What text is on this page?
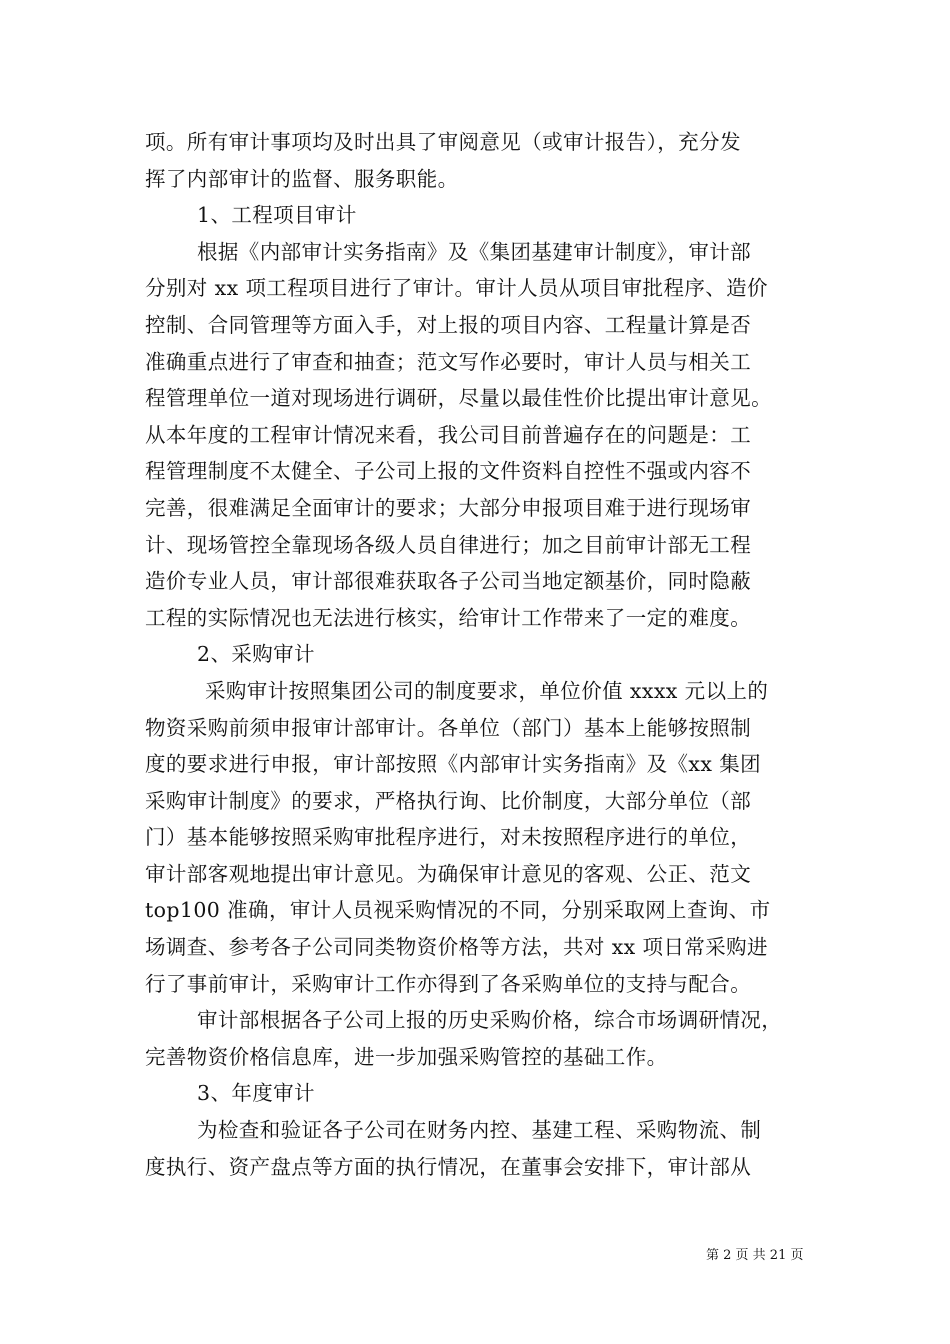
项。所有审计事项均及时出具了审阅意见（或审计报告），充分发
挥了内部审计的监督、服务职能。
1、工程项目审计
根据《内部审计实务指南》及《集团基建审计制度》，审计部
分别对 xx 项工程项目进行了审计。审计人员从项目审批程序、造价
控制、合同管理等方面入手，对上报的项目内容、工程量计算是否
准确重点进行了审查和抽查；范文写作必要时，审计人员与相关工
程管理单位一道对现场进行调研，尽量以最佳性价比提出审计意见。
从本年度的工程审计情况来看，我公司目前普遍存在的问题是：工
程管理制度不太健全、子公司上报的文件资料自控性不强或内容不
完善，很难满足全面审计的要求；大部分申报项目难于进行现场审
计、现场管控全靠现场各级人员自律进行；加之目前审计部无工程
造价专业人员，审计部很难获取各子公司当地定额基价，同时隐蔽
工程的实际情况也无法进行核实，给审计工作带来了一定的难度。
2、采购审计
采购审计按照集团公司的制度要求，单位价值 xxxx 元以上的
物资采购前须申报审计部审计。各单位（部门）基本上能够按照制
度的要求进行申报，审计部按照《内部审计实务指南》及《xx 集团
采购审计制度》的要求，严格执行询、比价制度，大部分单位（部
门）基本能够按照采购审批程序进行，对未按照程序进行的单位，
审计部客观地提出审计意见。为确保审计意见的客观、公正、范文
top100 准确，审计人员视采购情况的不同，分别采取网上查询、市
场调查、参考各子公司同类物资价格等方法，共对 xx 项日常采购进
行了事前审计，采购审计工作亦得到了各采购单位的支持与配合。
审计部根据各子公司上报的历史采购价格，综合市场调研情况，
完善物资价格信息库，进一步加强采购管控的基础工作。
3、年度审计
为检查和验证各子公司在财务内控、基建工程、采购物流、制
度执行、资产盘点等方面的执行情况，在董事会安排下，审计部从
第 2 页 共 21 页
